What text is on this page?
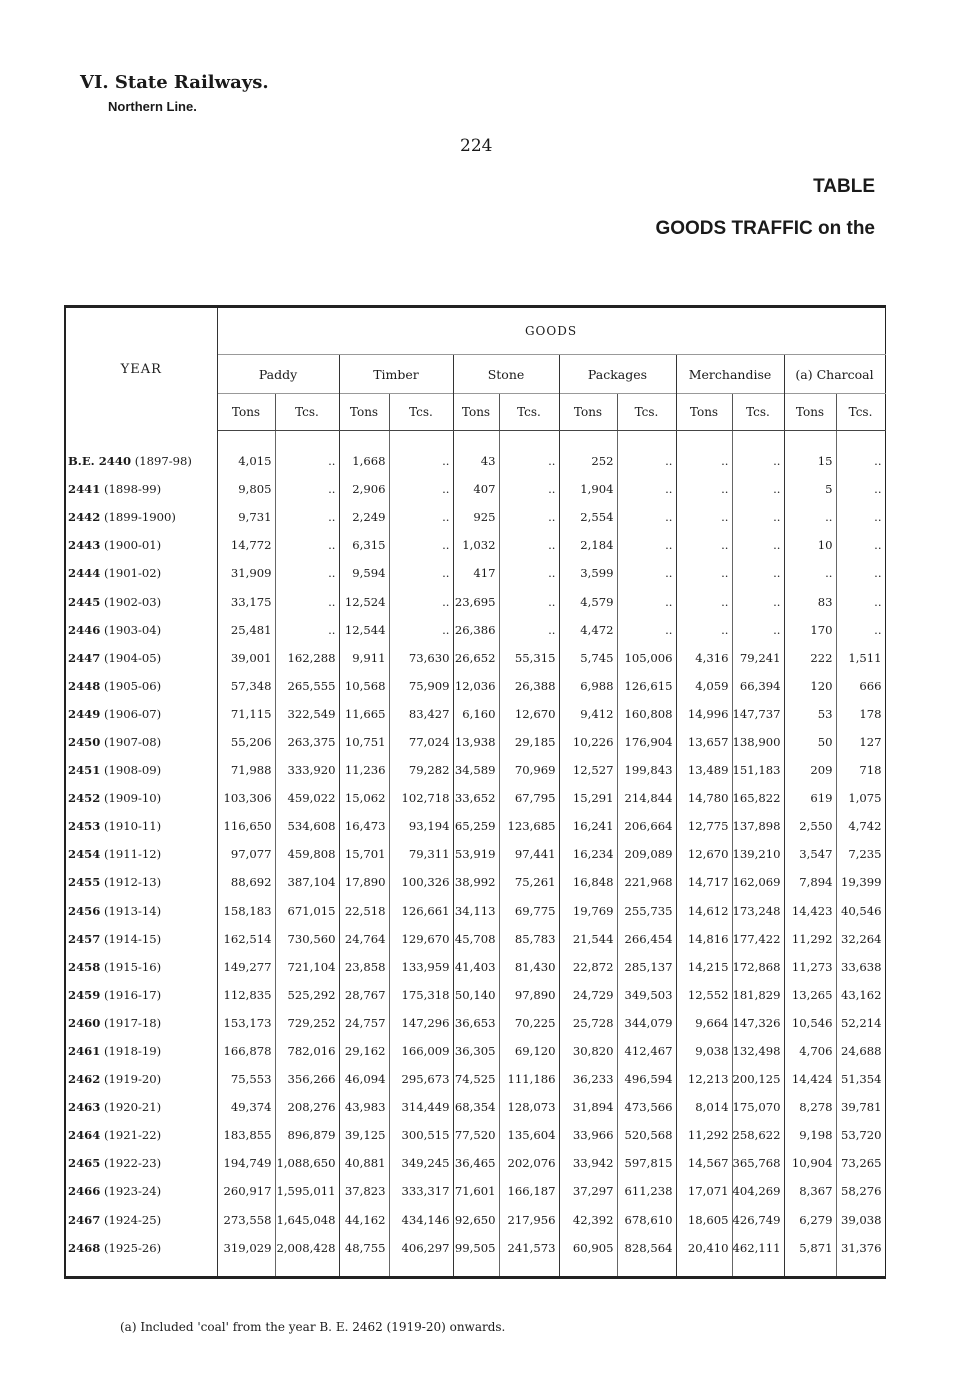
VI. State Railways.
Northern Line.
224
TABLE
GOODS TRAFFIC on the
YEAR	GOODS											
	Paddy		Timber		Stone		Packages		Merchandise		(a) Charcoal	
	Tons	Tcs.	Tons	Tcs.	Tons	Tcs.	Tons	Tcs.	Tons	Tcs.	Tons	Tcs.

B.E. 2440 (1897-98)	4,015	..	1,668	..	43	..	252	..	..	..	15	..
2441 (1898-99)	9,805	..	2,906	..	407	..	1,904	..	..	..	5	..
2442 (1899-1900)	9,731	..	2,249	..	925	..	2,554	..	..	..	..	..
2443 (1900-01)	14,772	..	6,315	..	1,032	..	2,184	..	..	..	10	..
2444 (1901-02)	31,909	..	9,594	..	417	..	3,599	..	..	..	..	..
2445 (1902-03)	33,175	..	12,524	..	23,695	..	4,579	..	..	..	83	..
2446 (1903-04)	25,481	..	12,544	..	26,386	..	4,472	..	..	..	170	..
2447 (1904-05)	39,001	162,288	9,911	73,630	26,652	55,315	5,745	105,006	4,316	79,241	222	1,511
2448 (1905-06)	57,348	265,555	10,568	75,909	12,036	26,388	6,988	126,615	4,059	66,394	120	666
2449 (1906-07)	71,115	322,549	11,665	83,427	6,160	12,670	9,412	160,808	14,996	147,737	53	178
2450 (1907-08)	55,206	263,375	10,751	77,024	13,938	29,185	10,226	176,904	13,657	138,900	50	127
2451 (1908-09)	71,988	333,920	11,236	79,282	34,589	70,969	12,527	199,843	13,489	151,183	209	718
2452 (1909-10)	103,306	459,022	15,062	102,718	33,652	67,795	15,291	214,844	14,780	165,822	619	1,075
2453 (1910-11)	116,650	534,608	16,473	93,194	65,259	123,685	16,241	206,664	12,775	137,898	2,550	4,742
2454 (1911-12)	97,077	459,808	15,701	79,311	53,919	97,441	16,234	209,089	12,670	139,210	3,547	7,235
2455 (1912-13)	88,692	387,104	17,890	100,326	38,992	75,261	16,848	221,968	14,717	162,069	7,894	19,399
2456 (1913-14)	158,183	671,015	22,518	126,661	34,113	69,775	19,769	255,735	14,612	173,248	14,423	40,546
2457 (1914-15)	162,514	730,560	24,764	129,670	45,708	85,783	21,544	266,454	14,816	177,422	11,292	32,264
2458 (1915-16)	149,277	721,104	23,858	133,959	41,403	81,430	22,872	285,137	14,215	172,868	11,273	33,638
2459 (1916-17)	112,835	525,292	28,767	175,318	50,140	97,890	24,729	349,503	12,552	181,829	13,265	43,162
2460 (1917-18)	153,173	729,252	24,757	147,296	36,653	70,225	25,728	344,079	9,664	147,326	10,546	52,214
2461 (1918-19)	166,878	782,016	29,162	166,009	36,305	69,120	30,820	412,467	9,038	132,498	4,706	24,688
2462 (1919-20)	75,553	356,266	46,094	295,673	74,525	111,186	36,233	496,594	12,213	200,125	14,424	51,354
2463 (1920-21)	49,374	208,276	43,983	314,449	68,354	128,073	31,894	473,566	8,014	175,070	8,278	39,781
2464 (1921-22)	183,855	896,879	39,125	300,515	77,520	135,604	33,966	520,568	11,292	258,622	9,198	53,720
2465 (1922-23)	194,749	1,088,650	40,881	349,245	36,465	202,076	33,942	597,815	14,567	365,768	10,904	73,265
2466 (1923-24)	260,917	1,595,011	37,823	333,317	71,601	166,187	37,297	611,238	17,071	404,269	8,367	58,276
2467 (1924-25)	273,558	1,645,048	44,162	434,146	92,650	217,956	42,392	678,610	18,605	426,749	6,279	39,038
2468 (1925-26)	319,029	2,008,428	48,755	406,297	99,505	241,573	60,905	828,564	20,410	462,111	5,871	31,376
(a) Included 'coal' from the year B. E. 2462 (1919-20) onwards.
